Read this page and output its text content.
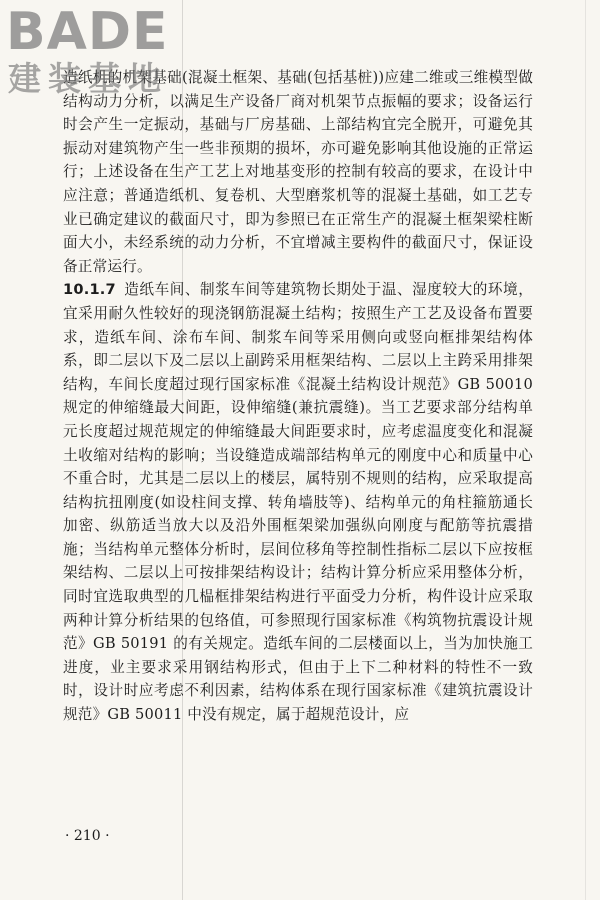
BADE
建装基地

造纸机的机架基础(混凝土框架、基础(包括基桩))应建二维或三维模型做结构动力分析，以满足生产设备厂商对机架节点振幅的要求；设备运行时会产生一定振动，基础与厂房基础、上部结构宜完全脱开，可避免其振动对建筑物产生一些非预期的损坏，亦可避免影响其他设施的正常运行；上述设备在生产工艺上对地基变形的控制有较高的要求，在设计中应注意；普通造纸机、复卷机、大型磨浆机等的混凝土基础，如工艺专业已确定建议的截面尺寸，即为参照已在正常生产的混凝土框架梁柱断面大小，未经系统的动力分析，不宜增减主要构件的截面尺寸，保证设备正常运行。

10.1.7 造纸车间、制浆车间等建筑物长期处于温、湿度较大的环境，宜采用耐久性较好的现浇钢筋混凝土结构；按照生产工艺及设备布置要求，造纸车间、涂布车间、制浆车间等采用侧向或竖向框排架结构体系，即二层以下及二层以上副跨采用框架结构、二层以上主跨采用排架结构，车间长度超过现行国家标准《混凝土结构设计规范》GB 50010 规定的伸缩缝最大间距，设伸缩缝(兼抗震缝)。当工艺要求部分结构单元长度超过规范规定的伸缩缝最大间距要求时，应考虑温度变化和混凝土收缩对结构的影响；当设缝造成端部结构单元的刚度中心和质量中心不重合时，尤其是二层以上的楼层，属特别不规则的结构，应采取提高结构抗扭刚度(如设柱间支撑、转角墙肢等)、结构单元的角柱箍筋通长加密、纵筋适当放大以及沿外围框架梁加强纵向刚度与配筋等抗震措施；当结构单元整体分析时，层间位移角等控制性指标二层以下应按框架结构、二层以上可按排架结构设计；结构计算分析应采用整体分析，同时宜选取典型的几榀框排架结构进行平面受力分析，构件设计应采取两种计算分析结果的包络值，可参照现行国家标准《构筑物抗震设计规范》GB 50191 的有关规定。造纸车间的二层楼面以上，当为加快施工进度，业主要求采用钢结构形式，但由于上下二种材料的特性不一致时，设计时应考虑不利因素，结构体系在现行国家标准《建筑抗震设计规范》GB 50011 中没有规定，属于超规范设计，应

· 210 ·
